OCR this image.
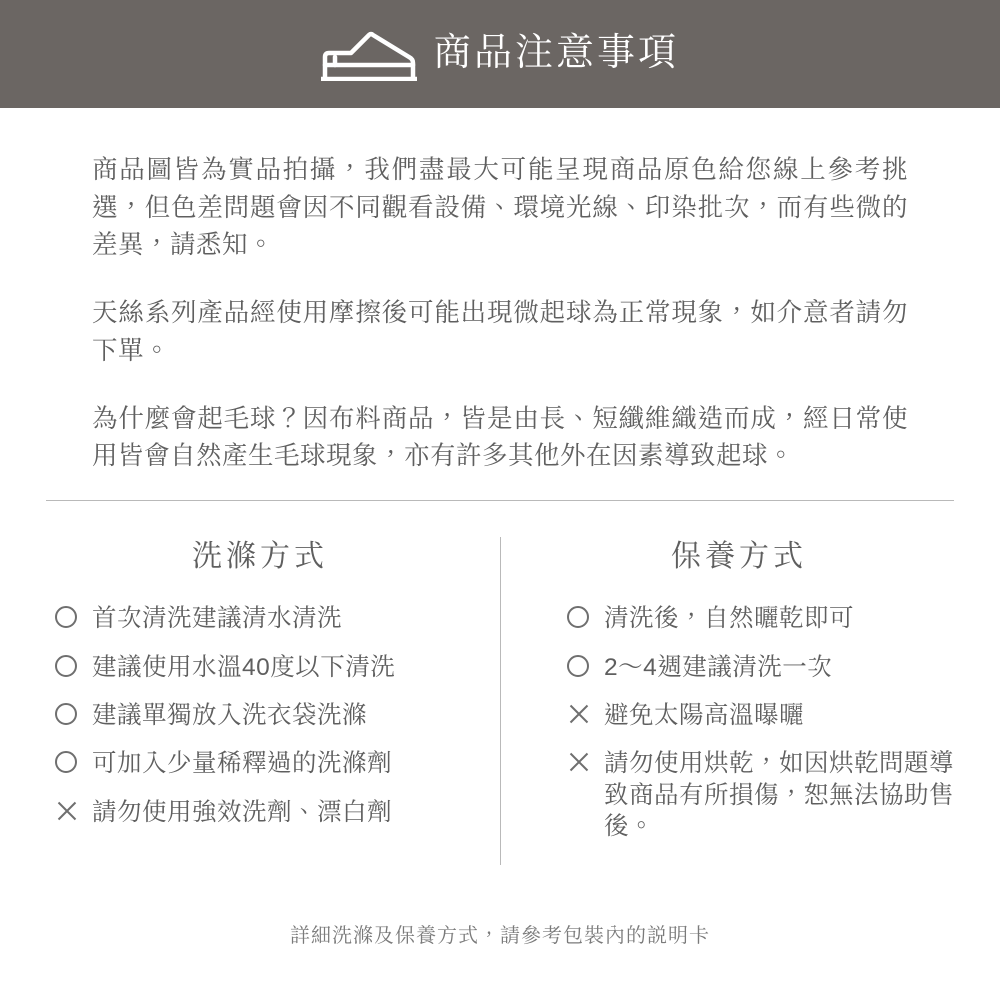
商品注意事項

商品圖皆為實品拍攝，我們盡最大可能呈現商品原色給您線上參考挑選，但色差問題會因不同觀看設備、環境光線、印染批次，而有些微的差異，請悉知。

天絲系列產品經使用摩擦後可能出現微起球為正常現象，如介意者請勿下單。

為什麼會起毛球？因布料商品，皆是由長、短纖維織造而成，經日常使用皆會自然產生毛球現象，亦有許多其他外在因素導致起球。

洗滌方式
首次清洗建議清水清洗
建議使用水溫40度以下清洗
建議單獨放入洗衣袋洗滌
可加入少量稀釋過的洗滌劑
請勿使用強效洗劑、漂白劑
保養方式
清洗後，自然曬乾即可
2～4週建議清洗一次
避免太陽高溫曝曬
請勿使用烘乾，如因烘乾問題導致商品有所損傷，恕無法協助售後。
詳細洗滌及保養方式，請參考包裝內的説明卡
